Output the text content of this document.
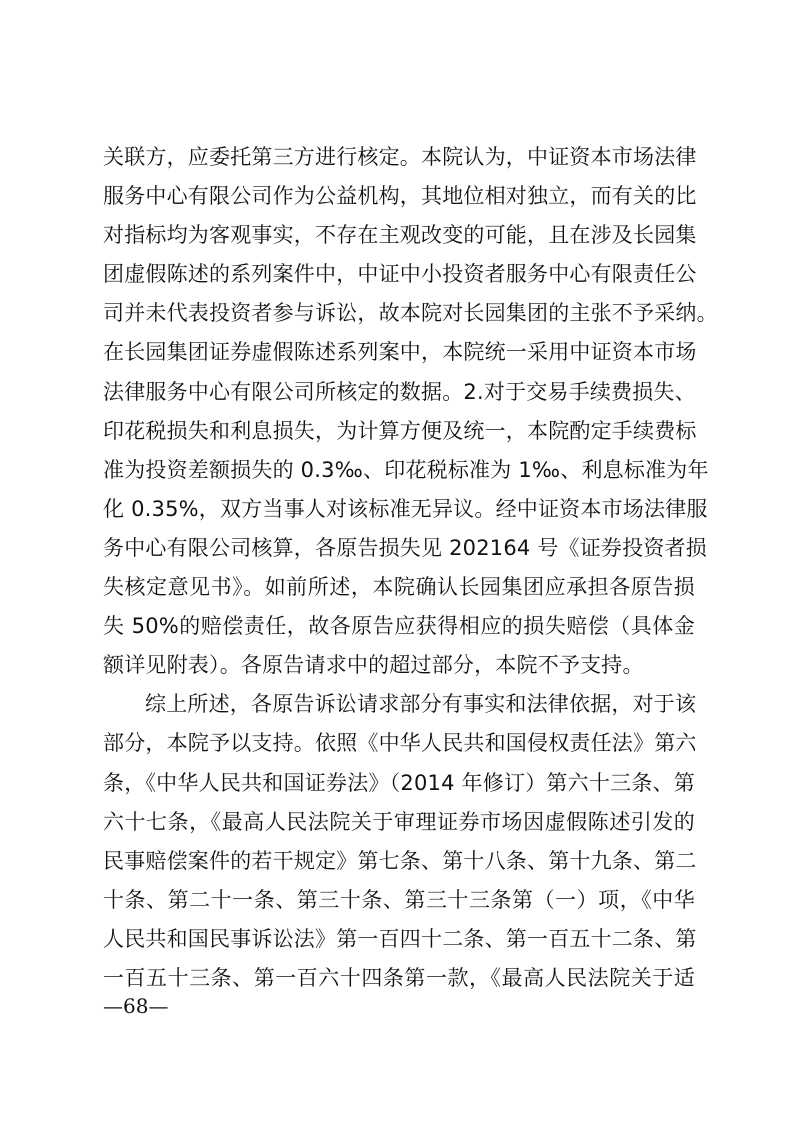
关联方，应委托第三方进行核定。本院认为，中证资本市场法律
服务中心有限公司作为公益机构，其地位相对独立，而有关的比
对指标均为客观事实，不存在主观改变的可能，且在涉及长园集
团虚假陈述的系列案件中，中证中小投资者服务中心有限责任公
司并未代表投资者参与诉讼，故本院对长园集团的主张不予采纳。
在长园集团证券虚假陈述系列案中，本院统一采用中证资本市场
法律服务中心有限公司所核定的数据。2.对于交易手续费损失、
印花税损失和利息损失，为计算方便及统一，本院酌定手续费标
准为投资差额损失的 0.3‰、印花税标准为 1‰、利息标准为年
化 0.35%，双方当事人对该标准无异议。经中证资本市场法律服
务中心有限公司核算，各原告损失见 202164 号《证券投资者损
失核定意见书》。如前所述，本院确认长园集团应承担各原告损
失 50%的赔偿责任，故各原告应获得相应的损失赔偿（具体金
额详见附表）。各原告请求中的超过部分，本院不予支持。
综上所述，各原告诉讼请求部分有事实和法律依据，对于该
部分，本院予以支持。依照《中华人民共和国侵权责任法》第六
条，《中华人民共和国证券法》（2014 年修订）第六十三条、第
六十七条，《最高人民法院关于审理证券市场因虚假陈述引发的
民事赔偿案件的若干规定》第七条、第十八条、第十九条、第二
十条、第二十一条、第三十条、第三十三条第（一）项，《中华
人民共和国民事诉讼法》第一百四十二条、第一百五十二条、第
一百五十三条、第一百六十四条第一款，《最高人民法院关于适
—68—
